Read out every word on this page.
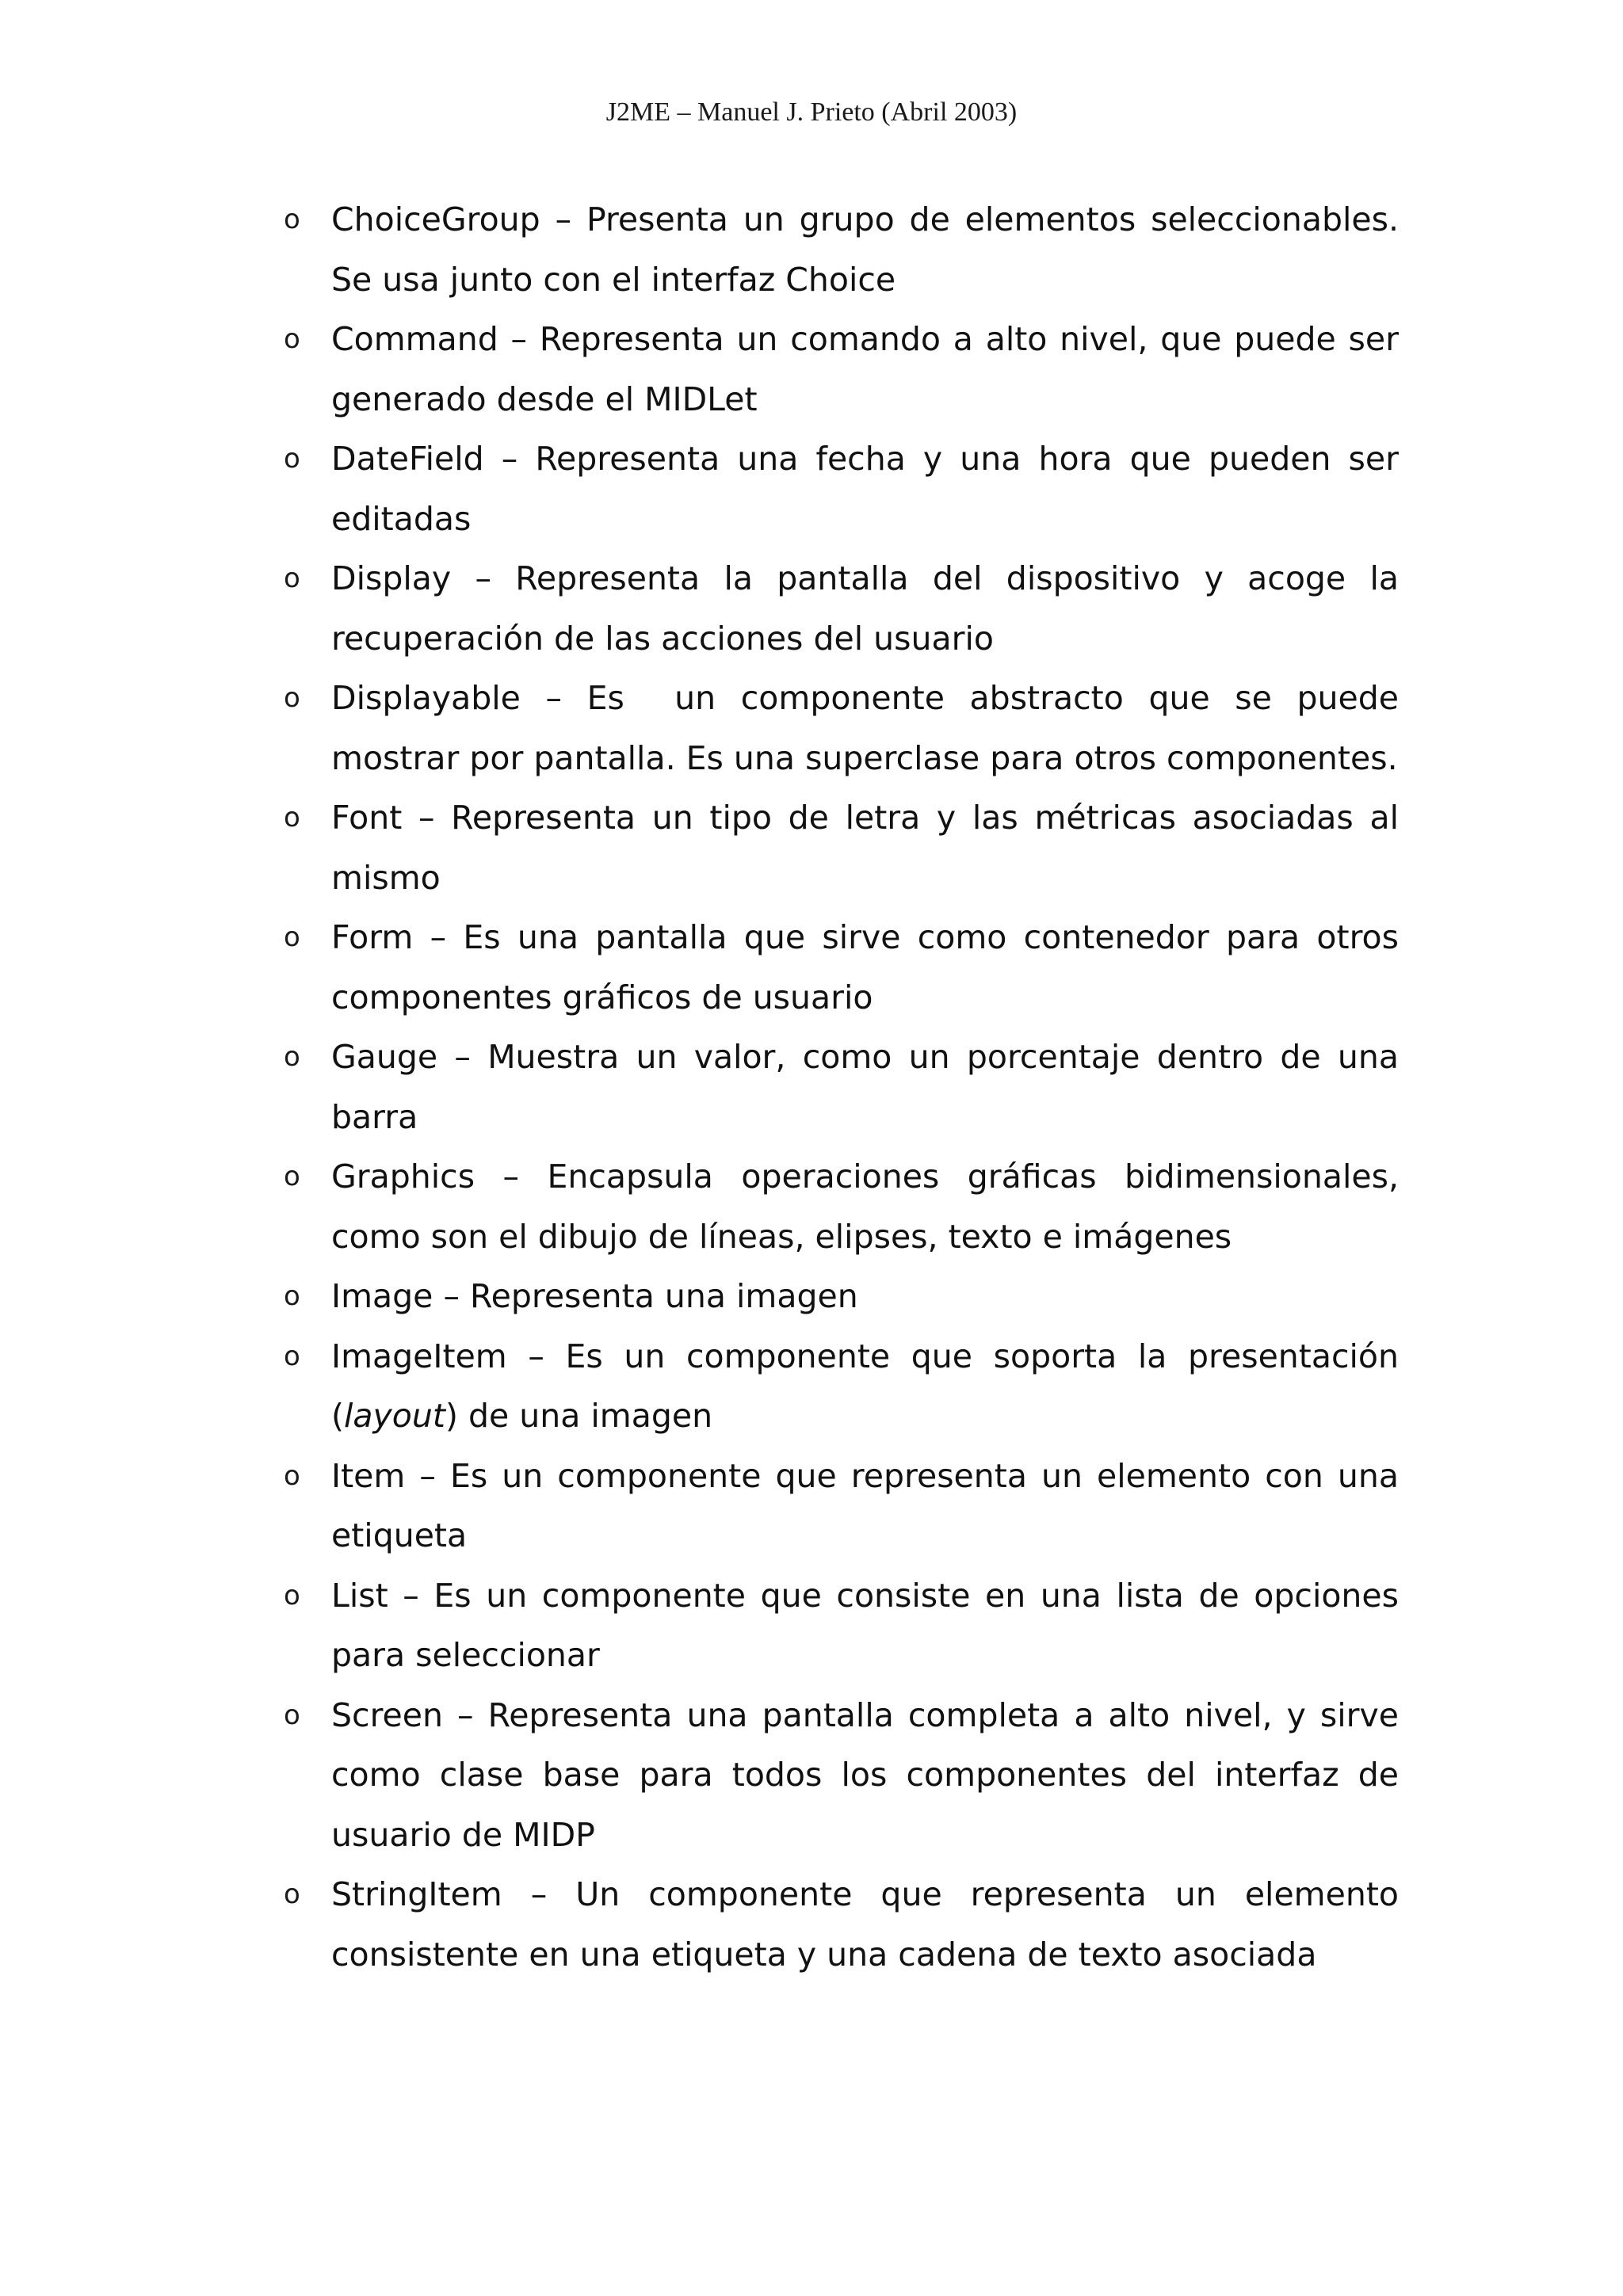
J2ME – Manuel J. Prieto (Abril 2003)
o ChoiceGroup – Presenta un grupo de elementos seleccionables. Se usa junto con el interfaz Choice
o Command – Representa un comando a alto nivel, que puede ser generado desde el MIDLet
o DateField – Representa una fecha y una hora que pueden ser editadas
o Display – Representa la pantalla del dispositivo y acoge la recuperación de las acciones del usuario
o Displayable – Es  un componente abstracto que se puede mostrar por pantalla. Es una superclase para otros componentes.
o Font – Representa un tipo de letra y las métricas asociadas al mismo
o Form – Es una pantalla que sirve como contenedor para otros componentes gráficos de usuario
o Gauge – Muestra un valor, como un porcentaje dentro de una barra
o Graphics – Encapsula operaciones gráficas bidimensionales, como son el dibujo de líneas, elipses, texto e imágenes
o Image – Representa una imagen
o ImageItem – Es un componente que soporta la presentación (layout) de una imagen
o Item – Es un componente que representa un elemento con una etiqueta
o List – Es un componente que consiste en una lista de opciones para seleccionar
o Screen – Representa una pantalla completa a alto nivel, y sirve como clase base para todos los componentes del interfaz de usuario de MIDP
o StringItem – Un componente que representa un elemento consistente en una etiqueta y una cadena de texto asociada
